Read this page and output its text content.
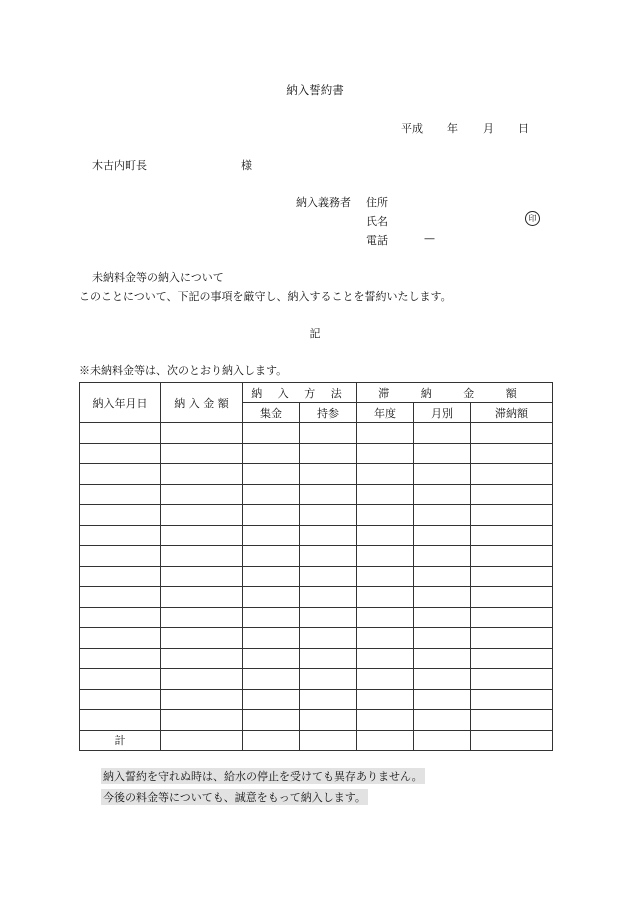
納入誓約書
平成 年 月 日
木古内町長	様
納入義務者 住所
氏名	印
電話	—
未納料金等の納入について
このことについて、下記の事項を厳守し、納入することを誓約いたします。
記
※未納料金等は、次のとおり納入します。
納入年月日	納 入 金 額	納 入 方 法		滞 納 金 額		
		集金	持参	年度	月別	滞納額

計						
納入誓約を守れぬ時は、給水の停止を受けても異存ありません。
今後の料金等についても、誠意をもって納入します。
